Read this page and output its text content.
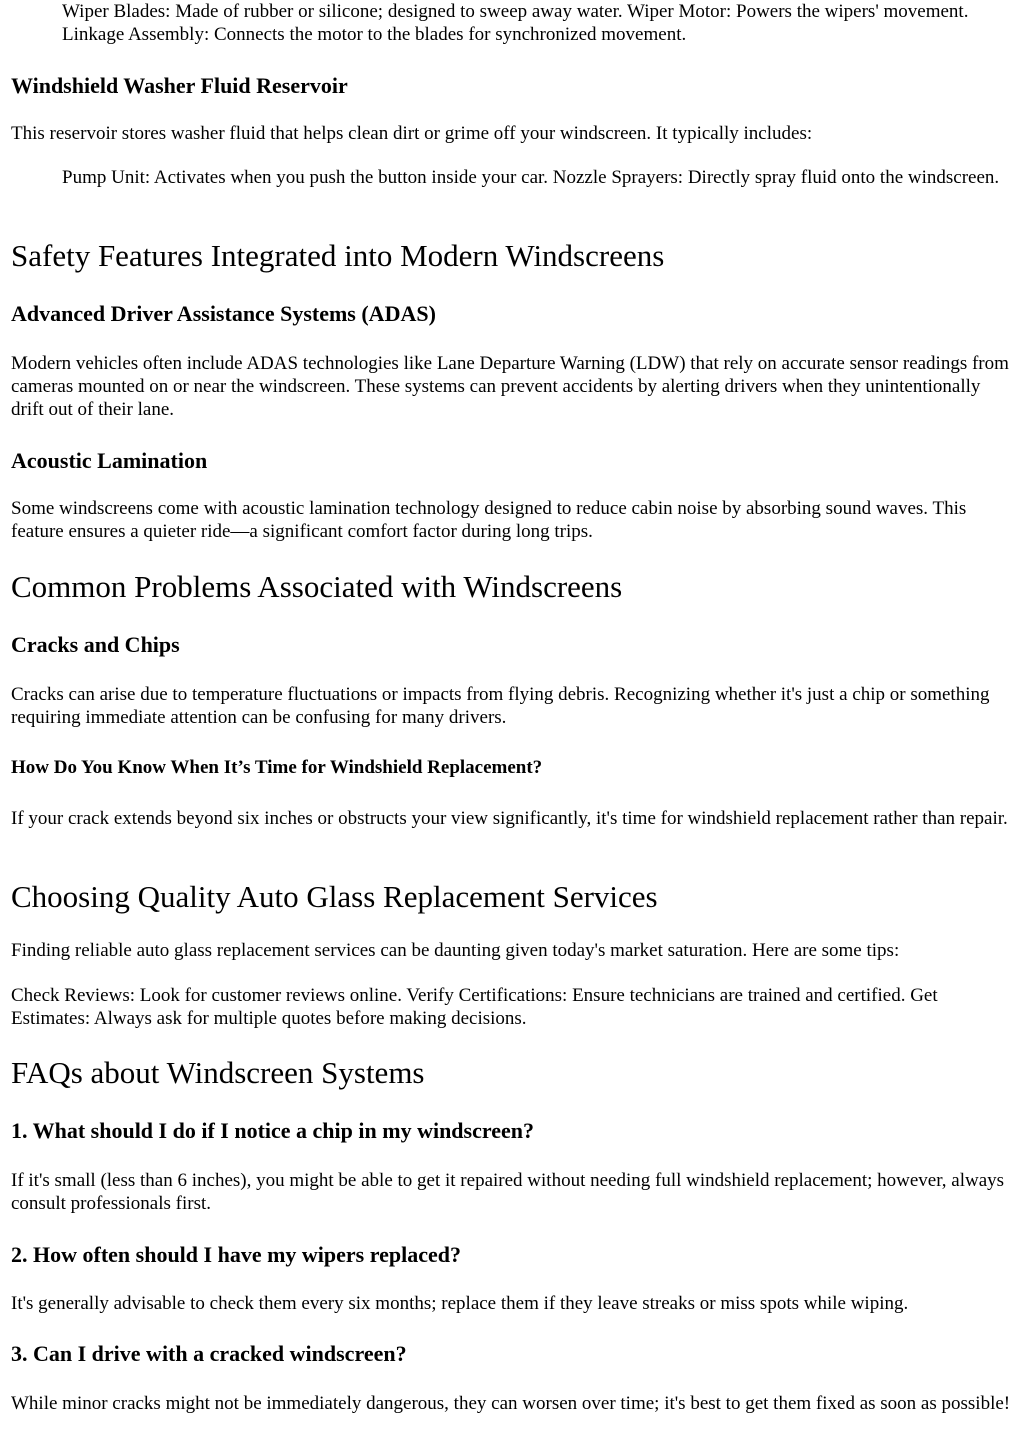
Wiper Blades: Made of rubber or silicone; designed to sweep away water. Wiper Motor: Powers the wipers' movement. Linkage Assembly: Connects the motor to the blades for synchronized movement.

Windshield Washer Fluid Reservoir

This reservoir stores washer fluid that helps clean dirt or grime off your windscreen. It typically includes:

Pump Unit: Activates when you push the button inside your car. Nozzle Sprayers: Directly spray fluid onto the windscreen.

Safety Features Integrated into Modern Windscreens
Advanced Driver Assistance Systems (ADAS)

Modern vehicles often include ADAS technologies like Lane Departure Warning (LDW) that rely on accurate sensor readings from cameras mounted on or near the windscreen. These systems can prevent accidents by alerting drivers when they unintentionally drift out of their lane.

Acoustic Lamination

Some windscreens come with acoustic lamination technology designed to reduce cabin noise by absorbing sound waves. This feature ensures a quieter ride—a significant comfort factor during long trips.

Common Problems Associated with Windscreens
Cracks and Chips

Cracks can arise due to temperature fluctuations or impacts from flying debris. Recognizing whether it's just a chip or something requiring immediate attention can be confusing for many drivers.

How Do You Know When It’s Time for Windshield Replacement?

If your crack extends beyond six inches or obstructs your view significantly, it's time for windshield replacement rather than repair.

Choosing Quality Auto Glass Replacement Services

Finding reliable auto glass replacement services can be daunting given today's market saturation. Here are some tips:

Check Reviews: Look for customer reviews online. Verify Certifications: Ensure technicians are trained and certified. Get Estimates: Always ask for multiple quotes before making decisions.

FAQs about Windscreen Systems
1. What should I do if I notice a chip in my windscreen?

If it's small (less than 6 inches), you might be able to get it repaired without needing full windshield replacement; however, always consult professionals first.

2. How often should I have my wipers replaced?

It's generally advisable to check them every six months; replace them if they leave streaks or miss spots while wiping.

3. Can I drive with a cracked windscreen?

While minor cracks might not be immediately dangerous, they can worsen over time; it's best to get them fixed as soon as possible!
